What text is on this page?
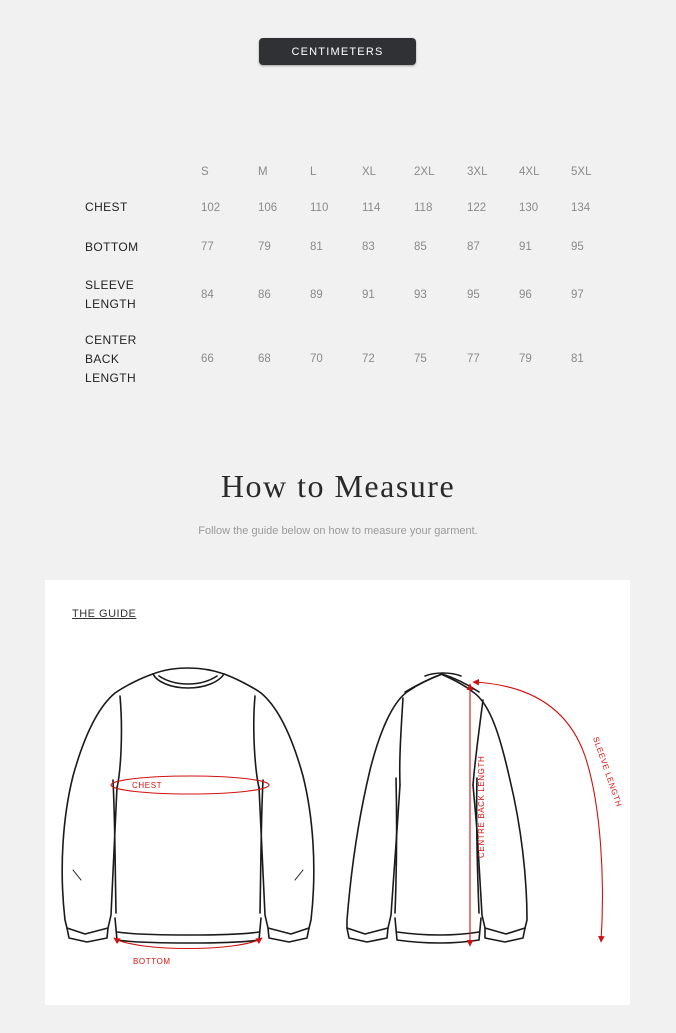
CENTIMETERS
	S	M	L	XL	2XL	3XL	4XL	5XL
CHEST	102	106	110	114	118	122	130	134
BOTTOM	77	79	81	83	85	87	91	95
SLEEVE
LENGTH	84	86	89	91	93	95	96	97
CENTER
BACK
LENGTH	66	68	70	72	75	77	79	81
How to Measure
Follow the guide below on how to measure your garment.
THE GUIDE
CHEST
BOTTOM
CENTRE BACK LENGTH	SLEEVE LENGTH
